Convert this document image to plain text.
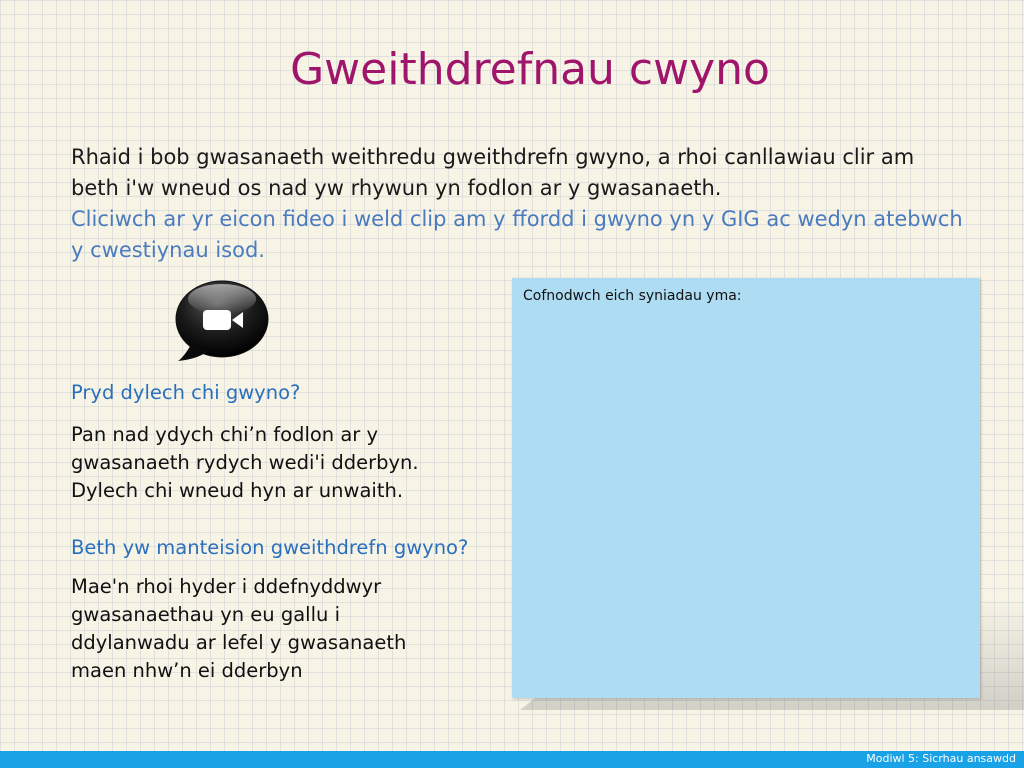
Gweithdrefnau cwyno

Rhaid i bob gwasanaeth weithredu gweithdrefn gwyno, a rhoi canllawiau clir am beth i'w wneud os nad yw rhywun yn fodlon ar y gwasanaeth.

Cliciwch ar yr eicon fideo i weld clip am y ffordd i gwyno yn y GIG ac wedyn atebwch y cwestiynau isod.

Pryd dylech chi gwyno?

Pan nad ydych chi’n fodlon ar y gwasanaeth rydych wedi'i dderbyn. Dylech chi wneud hyn ar unwaith.

Beth yw manteision gweithdrefn gwyno?

Mae'n rhoi hyder i ddefnyddwyr gwasanaethau yn eu gallu i ddylanwadu ar lefel y gwasanaeth maen nhw’n ei dderbyn

Cofnodwch eich syniadau yma:
Modiwl 5: Sicrhau ansawdd
